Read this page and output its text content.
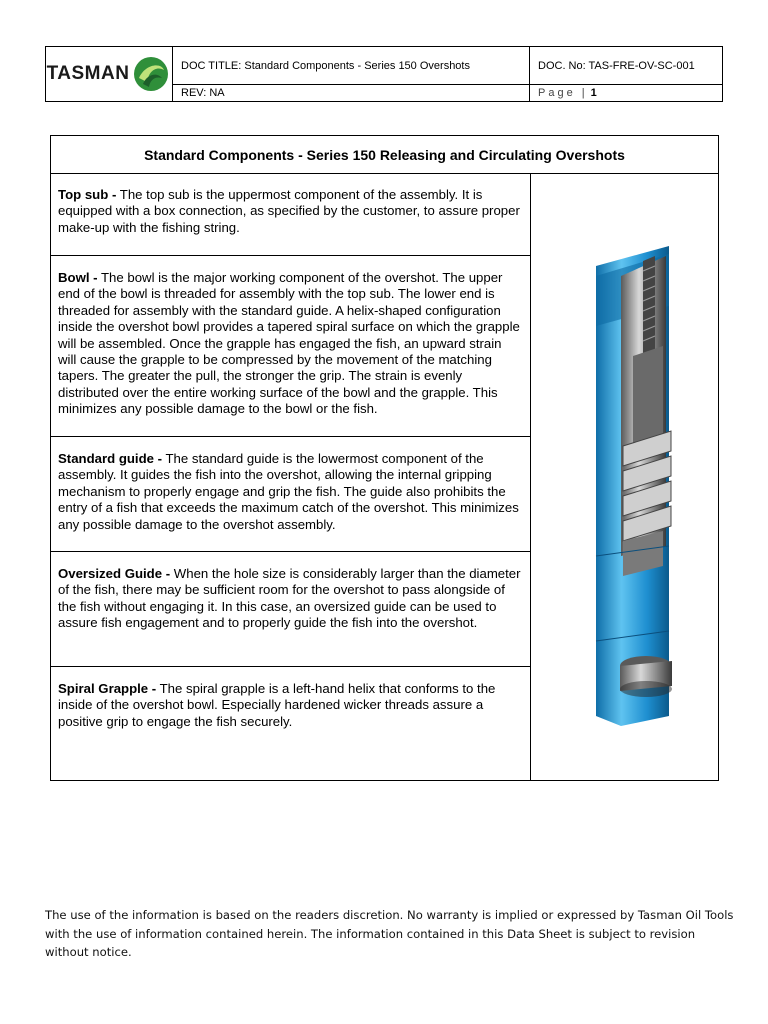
TASMAN	DOC TITLE: Standard Components - Series 150 Overshots	DOC. No: TAS-FRE-OV-SC-001
	REV: NA	Page | 1
Standard Components - Series 150 Releasing and Circulating Overshots
Top sub - The top sub is the uppermost component of the assembly. It is equipped with a box connection, as specified by the customer, to assure proper make-up with the fishing string.
Bowl - The bowl is the major working component of the overshot. The upper end of the bowl is threaded for assembly with the top sub. The lower end is threaded for assembly with the standard guide. A helix-shaped configuration inside the overshot bowl provides a tapered spiral surface on which the grapple will be assembled. Once the grapple has engaged the fish, an upward strain will cause the grapple to be compressed by the movement of the matching tapers. The greater the pull, the stronger the grip. The strain is evenly distributed over the entire working surface of the bowl and the grapple. This minimizes any possible damage to the bowl or the fish.
Standard guide - The standard guide is the lowermost component of the assembly. It guides the fish into the overshot, allowing the internal gripping mechanism to properly engage and grip the fish. The guide also prohibits the entry of a fish that exceeds the maximum catch of the overshot. This minimizes any possible damage to the overshot assembly.
Oversized Guide - When the hole size is considerably larger than the diameter of the fish, there may be sufficient room for the overshot to pass alongside of the fish without engaging it. In this case, an oversized guide can be used to assure fish engagement and to properly guide the fish into the overshot.
Spiral Grapple - The spiral grapple is a left-hand helix that conforms to the inside of the overshot bowl. Especially hardened wicker threads assure a positive grip to engage the fish securely.
The use of the information is based on the readers discretion. No warranty is implied or expressed by Tasman Oil Tools with the use of information contained herein. The information contained in this Data Sheet is subject to revision without notice.
